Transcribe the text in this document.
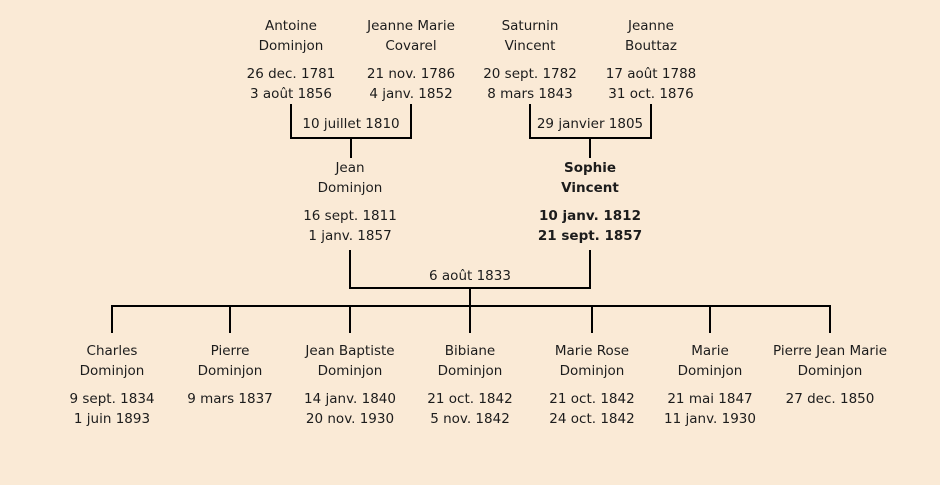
Antoine
Dominjon
26 dec. 1781
3 août 1856
Jeanne Marie
Covarel
21 nov. 1786
4 janv. 1852
Saturnin
Vincent
20 sept. 1782
8 mars 1843
Jeanne
Bouttaz
17 août 1788
31 oct. 1876
10 juillet 1810	29 janvier 1805
Jean
Dominjon
16 sept. 1811
1 janv. 1857
Sophie
Vincent
10 janv. 1812
21 sept. 1857
6 août 1833
Charles
Dominjon
9 sept. 1834
1 juin 1893
Pierre
Dominjon
9 mars 1837
Jean Baptiste
Dominjon
14 janv. 1840
20 nov. 1930
Bibiane
Dominjon
21 oct. 1842
5 nov. 1842
Marie Rose
Dominjon
21 oct. 1842
24 oct. 1842
Marie
Dominjon
21 mai 1847
11 janv. 1930
Pierre Jean Marie
Dominjon
27 dec. 1850
